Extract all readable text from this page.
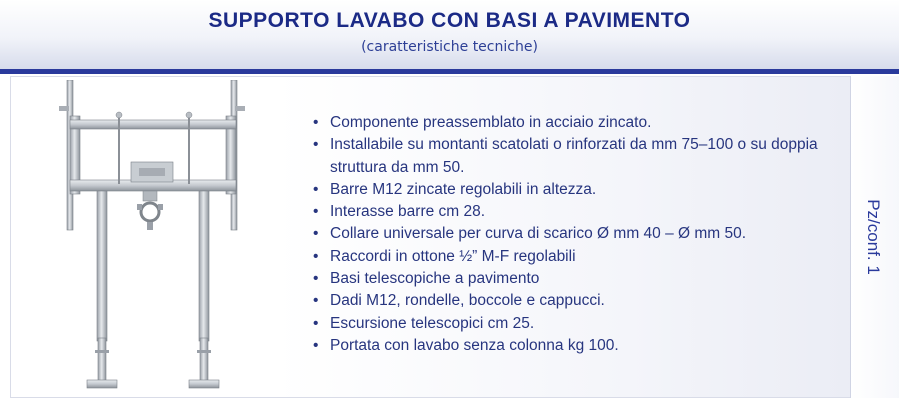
SUPPORTO LAVABO CON BASI A PAVIMENTO
(caratteristiche tecniche)
Pz/conf. 1
• Componente preassemblato in acciaio zincato.
• Installabile su montanti scatolati o rinforzati da mm 75–100 o su doppia struttura da mm 50.
• Barre M12 zincate regolabili in altezza.
• Interasse barre cm 28.
• Collare universale per curva di scarico Ø mm 40 – Ø mm 50.
• Raccordi in ottone ½” M-F regolabili
• Basi telescopiche a pavimento
• Dadi M12, rondelle, boccole e cappucci.
• Escursione telescopici cm 25.
• Portata con lavabo senza colonna kg 100.
